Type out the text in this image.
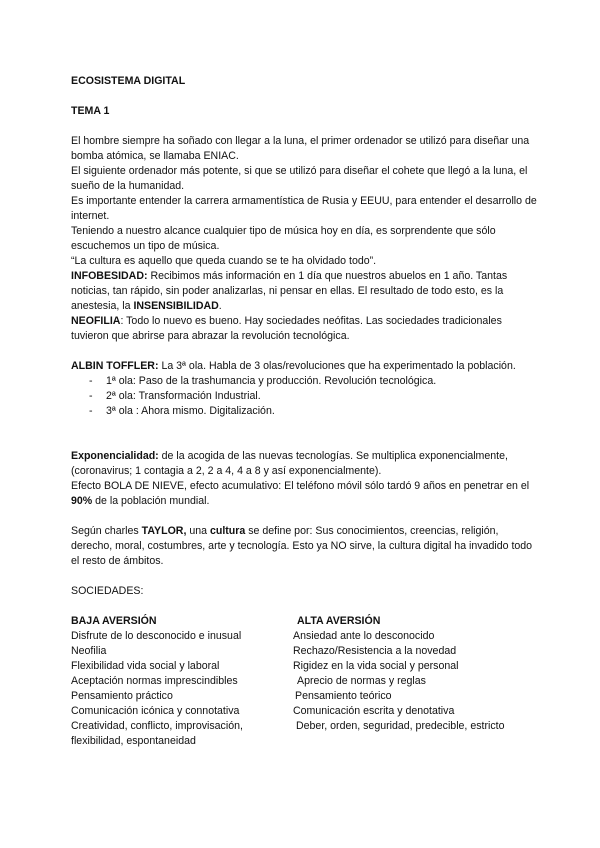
ECOSISTEMA DIGITAL

TEMA 1

El hombre siempre ha soñado con llegar a la luna, el primer ordenador se utilizó para diseñar una bomba atómica, se llamaba ENIAC.

El siguiente ordenador más potente, si que se utilizó para diseñar el cohete que llegó a la luna, el sueño de la humanidad.

Es importante entender la carrera armamentística de Rusia y EEUU, para entender el desarrollo de internet.

Teniendo a nuestro alcance cualquier tipo de música hoy en día, es sorprendente que sólo escuchemos un tipo de música.

“La cultura es aquello que queda cuando se te ha olvidado todo”.

INFOBESIDAD: Recibimos más información en 1 día que nuestros abuelos en 1 año. Tantas noticias, tan rápido, sin poder analizarlas, ni pensar en ellas. El resultado de todo esto, es la anestesia, la INSENSIBILIDAD.

NEOFILIA: Todo lo nuevo es bueno. Hay sociedades neófitas. Las sociedades tradicionales tuvieron que abrirse para abrazar la revolución tecnológica.

ALBIN TOFFLER: La 3ª ola. Habla de 3 olas/revoluciones que ha experimentado la población.

- 1ª ola: Paso de la trashumancia y producción. Revolución tecnológica.
- 2ª ola: Transformación Industrial.
- 3ª ola : Ahora mismo. Digitalización.

Exponencialidad: de la acogida de las nuevas tecnologías. Se multiplica exponencialmente, (coronavirus; 1 contagia a 2, 2 a 4, 4 a 8 y así exponencialmente).

Efecto BOLA DE NIEVE, efecto acumulativo: El teléfono móvil sólo tardó 9 años en penetrar en el 90% de la población mundial.

Según charles TAYLOR, una cultura se define por: Sus conocimientos, creencias, religión, derecho, moral, costumbres, arte y tecnología. Esto ya NO sirve, la cultura digital ha invadido todo el resto de ámbitos.

SOCIEDADES:

BAJA AVERSIÓN

Disfrute de lo desconocido e inusual

Neofilia

Flexibilidad vida social y laboral

Aceptación normas imprescindibles

Pensamiento práctico

Comunicación icónica y connotativa

Creatividad, conflicto, improvisación, flexibilidad, espontaneidad

ALTA AVERSIÓN

Ansiedad ante lo desconocido

Rechazo/Resistencia a la novedad

Rigidez en la vida social y personal

Aprecio de normas y reglas

Pensamiento teórico

Comunicación escrita y denotativa

Deber, orden, seguridad, predecible, estricto
